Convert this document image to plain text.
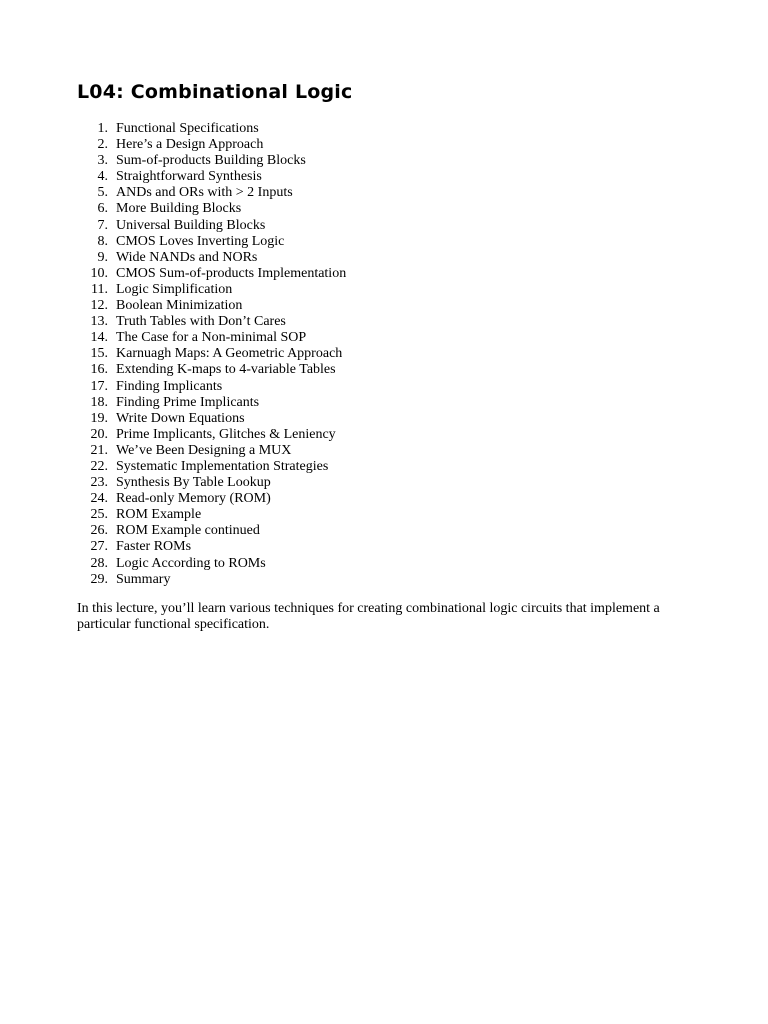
L04: Combinational Logic
1. Functional Specifications
2. Here’s a Design Approach
3. Sum-of-products Building Blocks
4. Straightforward Synthesis
5. ANDs and ORs with > 2 Inputs
6. More Building Blocks
7. Universal Building Blocks
8. CMOS Loves Inverting Logic
9. Wide NANDs and NORs
10. CMOS Sum-of-products Implementation
11. Logic Simplification
12. Boolean Minimization
13. Truth Tables with Don’t Cares
14. The Case for a Non-minimal SOP
15. Karnuagh Maps: A Geometric Approach
16. Extending K-maps to 4-variable Tables
17. Finding Implicants
18. Finding Prime Implicants
19. Write Down Equations
20. Prime Implicants, Glitches & Leniency
21. We’ve Been Designing a MUX
22. Systematic Implementation Strategies
23. Synthesis By Table Lookup
24. Read-only Memory (ROM)
25. ROM Example
26. ROM Example continued
27. Faster ROMs
28. Logic According to ROMs
29. Summary

In this lecture, you’ll learn various techniques for creating combinational logic circuits that implement a particular functional specification.
